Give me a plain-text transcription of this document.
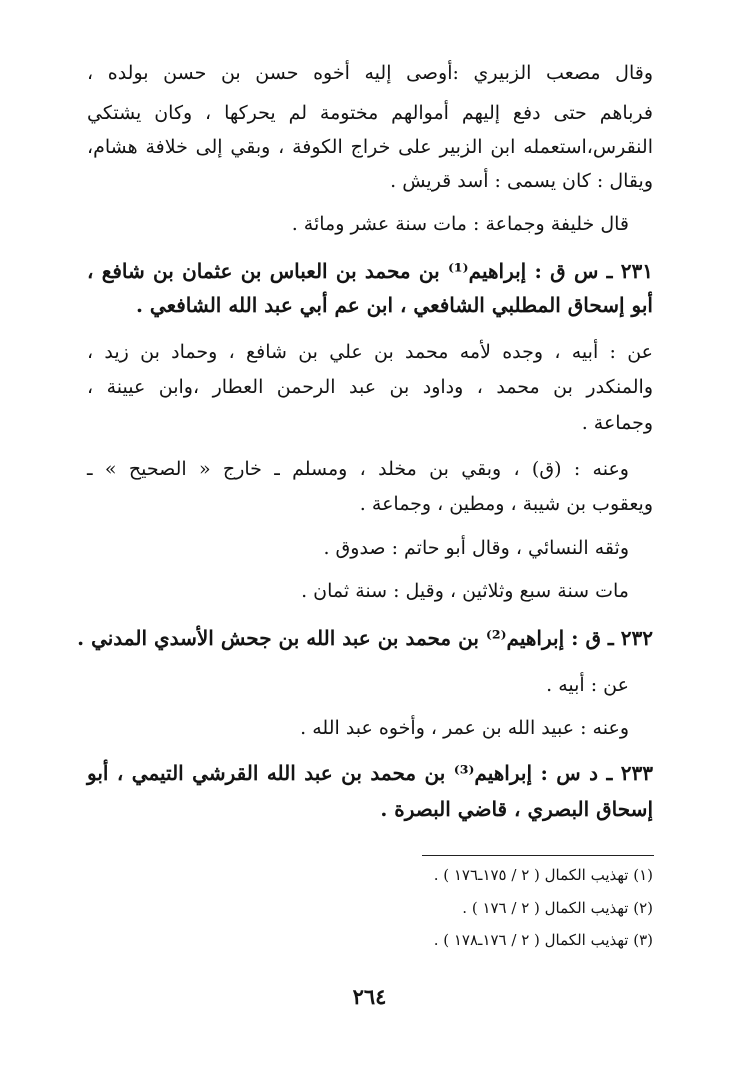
وقال مصعب الزبيري :أوصى إليه أخوه حسن بن حسن بولده ،
فرباهم حتى دفع إليهم أموالهم مختومة لم يحركها ، وكان يشتكي
النقرس،استعمله ابن الزبير على خراج الكوفة ، وبقي إلى خلافة هشام،
ويقال : كان يسمى : أسد قريش .
قال خليفة وجماعة : مات سنة عشر ومائة .
٢٣١ ـ س ق : إبراهيم⁽¹⁾ بن محمد بن العباس بن عثمان بن شافع ،
أبو إسحاق المطلبي الشافعي ، ابن عم أبي عبد الله الشافعي .
عن : أبيه ، وجده لأمه محمد بن علي بن شافع ، وحماد بن زيد ،
والمنكدر بن محمد ، وداود بن عبد الرحمن العطار ،وابن عيينة ،
وجماعة .
وعنه : (ق) ، وبقي بن مخلد ، ومسلم ـ خارج « الصحيح » ـ
ويعقوب بن شيبة ، ومطين ، وجماعة .
وثقه النسائي ، وقال أبو حاتم : صدوق .
مات سنة سبع وثلاثين ، وقيل : سنة ثمان .
٢٣٢ ـ ق : إبراهيم⁽²⁾ بن محمد بن عبد الله بن جحش الأسدي المدني .
عن : أبيه .
وعنه : عبيد الله بن عمر ، وأخوه عبد الله .
٢٣٣ ـ د س : إبراهيم⁽³⁾ بن محمد بن عبد الله القرشي التيمي ، أبو
إسحاق البصري ، قاضي البصرة .
(١) تهذيب الكمال ( ٢ / ١٧٥ـ١٧٦ ) .
(٢) تهذيب الكمال ( ٢ / ١٧٦ ) .
(٣) تهذيب الكمال ( ٢ / ١٧٦ـ١٧٨ ) .
٢٦٤
